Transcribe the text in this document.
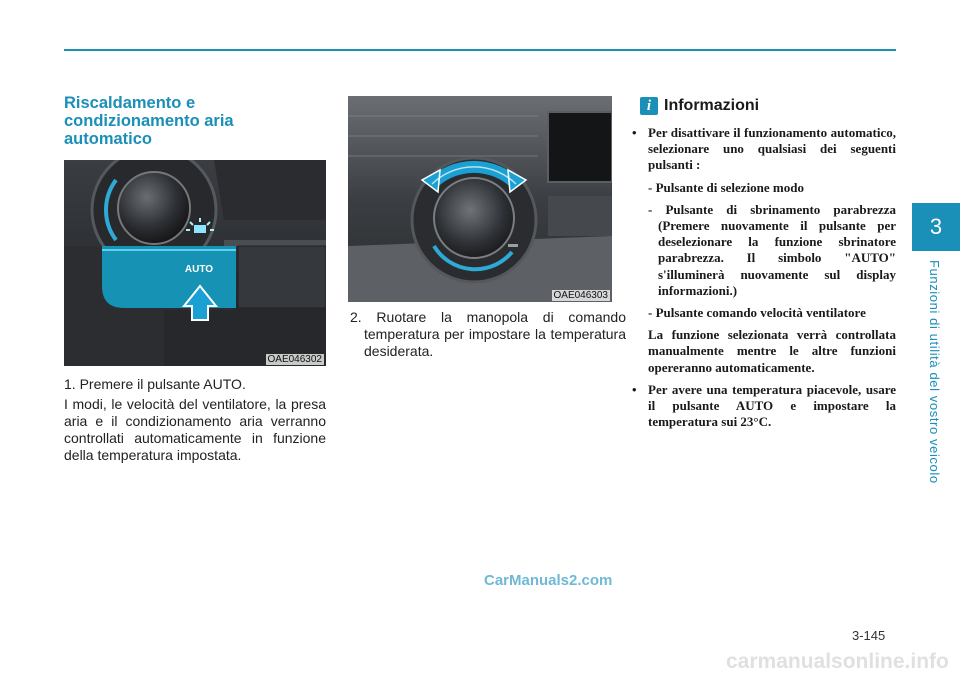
3
Funzioni di utilità del vostro veicolo
Riscaldamento e condizionamento aria automatico
AUTO
OAE046302
1. Premere il pulsante AUTO.
I modi, le velocità del ventilatore, la presa aria e il condizionamento aria verranno controllati automaticamente in funzione della temperatura impostata.
OAE046303
2. Ruotare la manopola di comando temperatura per impostare la temperatura desiderata.
i Informazioni

• Per disattivare il funzionamento automatico, selezionare uno qualsiasi dei seguenti pulsanti :

- Pulsante di selezione modo

- Pulsante di sbrinamento parabrezza (Premere nuovamente il pulsante per deselezionare la funzione sbrinatore parabrezza. Il simbolo "AUTO" s'illuminerà nuovamente sul display informazioni.)

- Pulsante comando velocità ventilatore

La funzione selezionata verrà controllata manualmente mentre le altre funzioni opereranno automaticamente.

• Per avere una temperatura piacevole, usare il pulsante AUTO e impostare la temperatura sui 23°C.

CarManuals2.com
3-145
carmanualsonline.info
